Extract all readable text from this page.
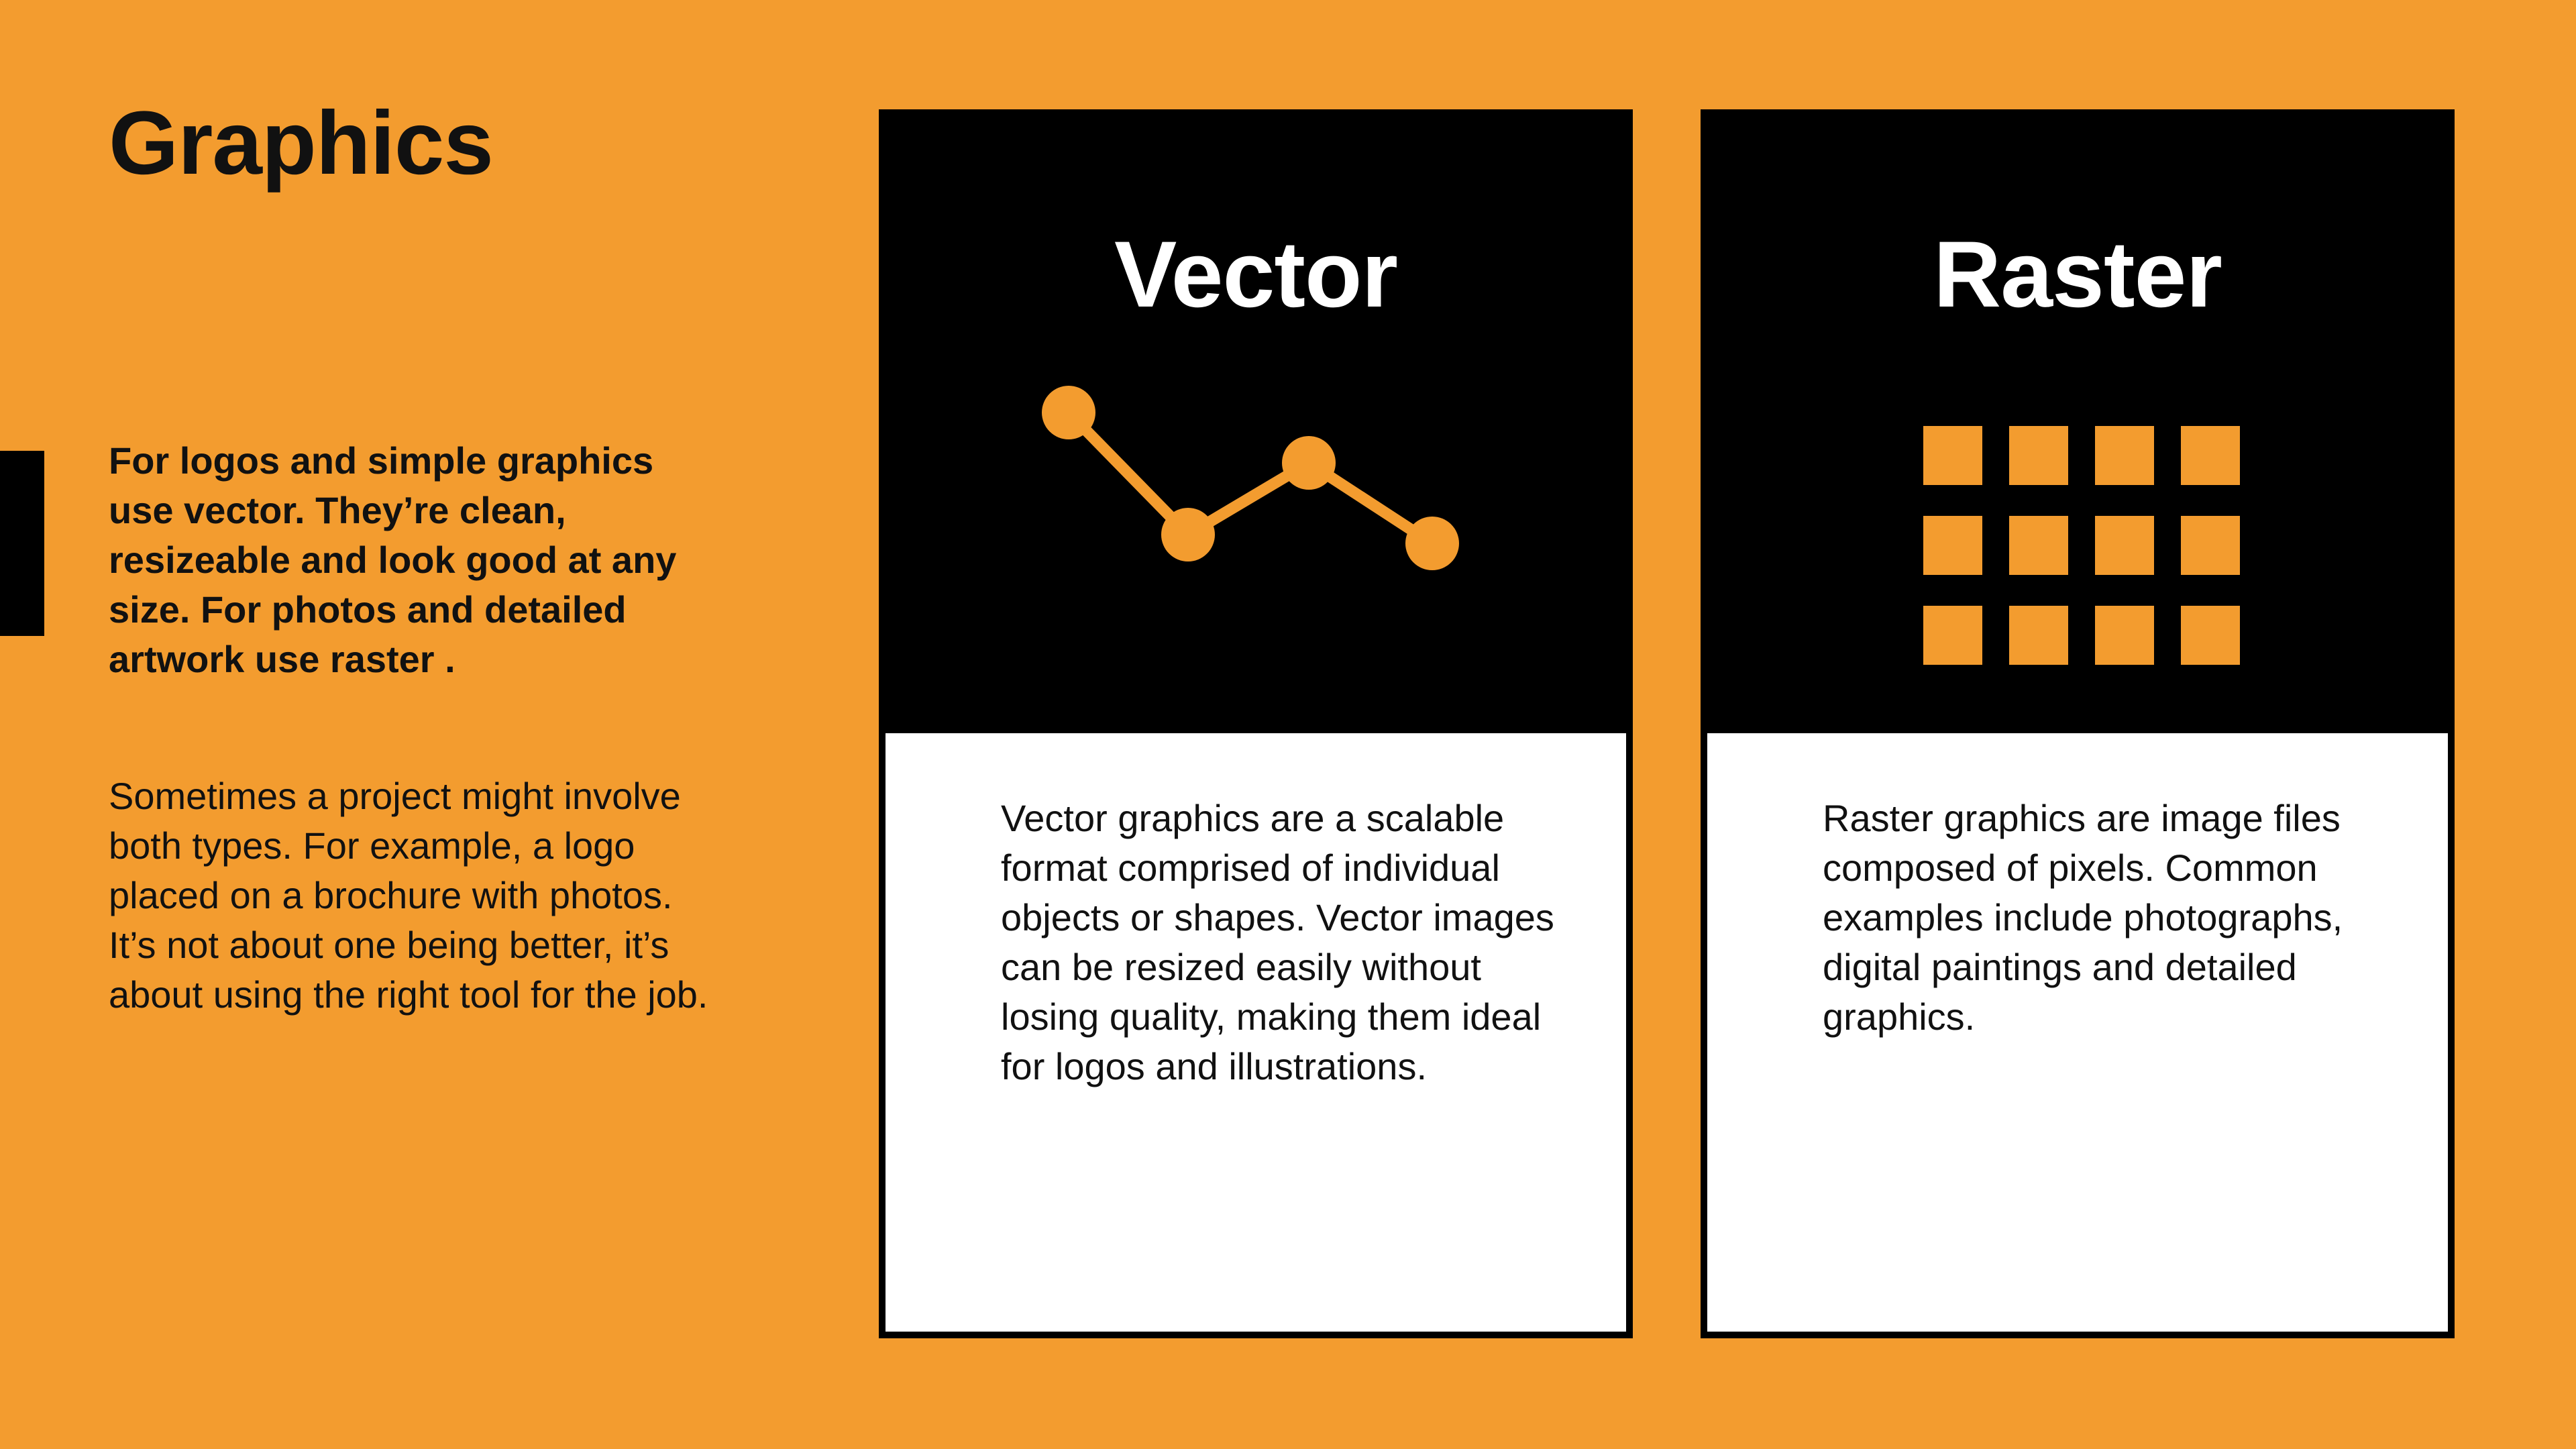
Graphics

For logos and simple graphics use vector. They’re clean, resizeable and look good at any size. For photos and detailed artwork use raster .

Sometimes a project might involve both types. For example, a logo placed on a brochure with photos. It’s not about one being better, it’s about using the right tool for the job.

Vector

Vector graphics are a scalable format comprised of individual objects or shapes. Vector images can be resized easily without losing quality, making them ideal for logos and illustrations.

Raster

Raster graphics are image files composed of pixels. Common examples include photographs, digital paintings and detailed graphics.
